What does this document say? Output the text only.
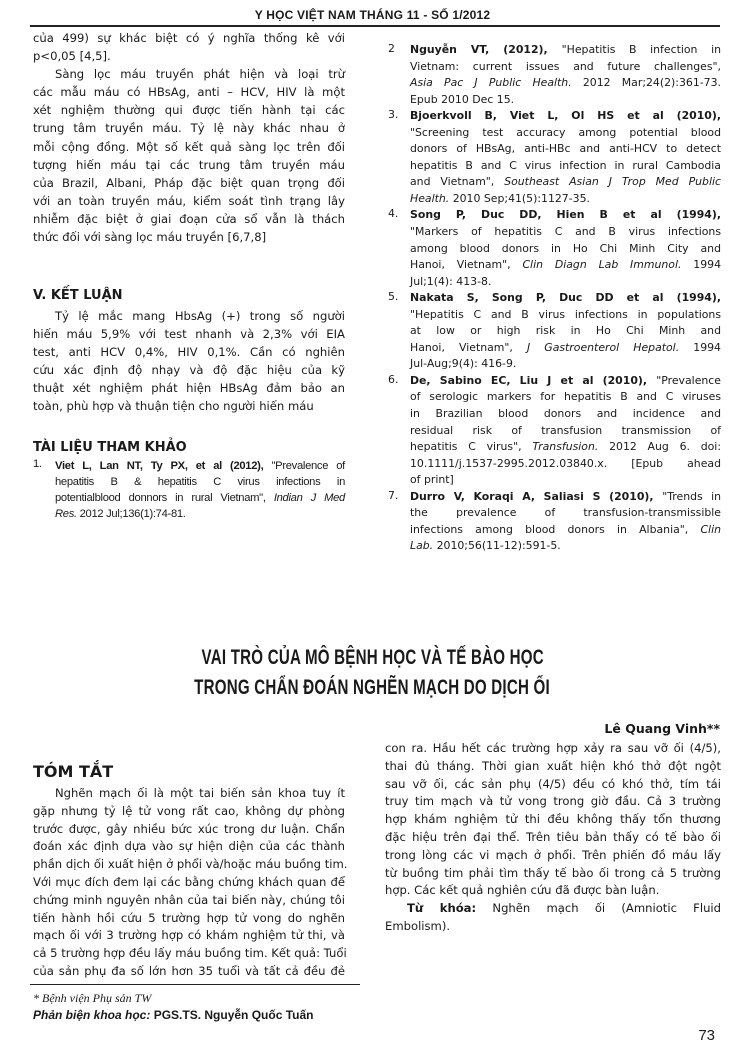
Y HỌC VIỆT NAM THÁNG 11 - SỐ 1/2012
của 499) sự khác biệt có ý nghĩa thống kê với
p<0,05 [4,5].
Sàng lọc máu truyền phát hiện và loại trừ
các mẫu máu có HBsAg, anti – HCV, HIV là một
xét nghiệm thường qui được tiến hành tại các
trung tâm truyền máu. Tỷ lệ này khác nhau ở
mỗi cộng đồng. Một số kết quả sàng lọc trên đối
tượng hiến máu tại các trung tâm truyền máu
của Brazil, Albani, Pháp đặc biệt quan trọng đối
với an toàn truyền máu, kiểm soát tình trạng lây
nhiễm đặc biệt ở giai đoạn cửa sổ vẫn là thách
thức đối với sàng lọc máu truyền [6,7,8]
V. KẾT LUẬN
Tỷ lệ mắc mang HbsAg (+) trong số người
hiến máu 5,9% với test nhanh và 2,3% với EIA
test, anti HCV 0,4%, HIV 0,1%. Cần có nghiên
cứu xác định độ nhạy và độ đặc hiệu của kỹ
thuật xét nghiệm phát hiện HBsAg đảm bảo an
toàn, phù hợp và thuận tiện cho người hiến máu
TÀI LIỆU THAM KHẢO
1. Viet L, Lan NT, Ty PX, et al (2012), "Prevalence of
hepatitis B & hepatitis C virus infections in
potentialblood donnors in rural Vietnam", Indian J Med
Res. 2012 Jul;136(1):74-81.
2 Nguyễn VT, (2012), "Hepatitis B infection in
Vietnam: current issues and future challenges",
Asia Pac J Public Health. 2012 Mar;24(2):361-73.
Epub 2010 Dec 15.
3. Bjoerkvoll B, Viet L, Ol HS et al (2010),
"Screening test accuracy among potential blood
donors of HBsAg, anti-HBc and anti-HCV to detect
hepatitis B and C virus infection in rural Cambodia
and Vietnam", Southeast Asian J Trop Med Public
Health. 2010 Sep;41(5):1127-35.
4. Song P, Duc DD, Hien B et al (1994),
"Markers of hepatitis C and B virus infections
among blood donors in Ho Chi Minh City and
Hanoi, Vietnam", Clin Diagn Lab Immunol. 1994
Jul;1(4): 413-8.
5. Nakata S, Song P, Duc DD et al (1994),
"Hepatitis C and B virus infections in populations
at low or high risk in Ho Chi Minh and
Hanoi, Vietnam", J Gastroenterol Hepatol. 1994
Jul-Aug;9(4): 416-9.
6. De, Sabino EC, Liu J et al (2010), "Prevalence
of serologic markers for hepatitis B and C viruses
in Brazilian blood donors and incidence and
residual risk of transfusion transmission of
hepatitis C virus", Transfusion. 2012 Aug 6. doi:
10.1111/j.1537-2995.2012.03840.x. [Epub ahead
of print]
7. Durro V, Koraqi A, Saliasi S (2010), "Trends in
the prevalence of transfusion-transmissible
infections among blood donors in Albania", Clin
Lab. 2010;56(11-12):591-5.
VAI TRÒ CỦA MÔ BỆNH HỌC VÀ TẾ BÀO HỌC
TRONG CHẨN ĐOÁN NGHẼN MẠCH DO DỊCH ỐI
Lê Quang Vinh**
TÓM TẮT
Nghẽn mạch ối là một tai biến sản khoa tuy ít
gặp nhưng tỷ lệ tử vong rất cao, không dự phòng
trước được, gây nhiều bức xúc trong dư luận. Chẩn
đoán xác định dựa vào sự hiện diện của các thành
phần dịch ối xuất hiện ở phổi và/hoặc máu buồng tim.
Với mục đích đem lại các bằng chứng khách quan để
chứng minh nguyên nhân của tai biến này, chúng tôi
tiến hành hồi cứu 5 trường hợp tử vong do nghẽn
mạch ối với 3 trường hợp có khám nghiệm tử thi, và
cả 5 trường hợp đều lấy máu buồng tim. Kết quả: Tuổi
của sản phụ đa số lớn hơn 35 tuổi và tất cả đều đẻ
con ra. Hầu hết các trường hợp xảy ra sau vỡ ối (4/5),
thai đủ tháng. Thời gian xuất hiện khó thở đột ngột
sau vỡ ối, các sản phụ (4/5) đều có khó thở, tím tái
truy tim mạch và tử vong trong giờ đầu. Cả 3 trường
hợp khám nghiệm tử thi đều không thấy tổn thương
đặc hiệu trên đại thể. Trên tiêu bản thấy có tế bào ối
trong lòng các vi mạch ở phổi. Trên phiến đồ máu lấy
từ buồng tim phải tìm thấy tế bào ối trong cả 5 trường
hợp. Các kết quả nghiên cứu đã được bàn luận.
Từ khóa: Nghẽn mạch ối (Amniotic Fluid
Embolism).
* Bệnh viện Phụ sản TW
Phản biện khoa học: PGS.TS. Nguyễn Quốc Tuấn
73
